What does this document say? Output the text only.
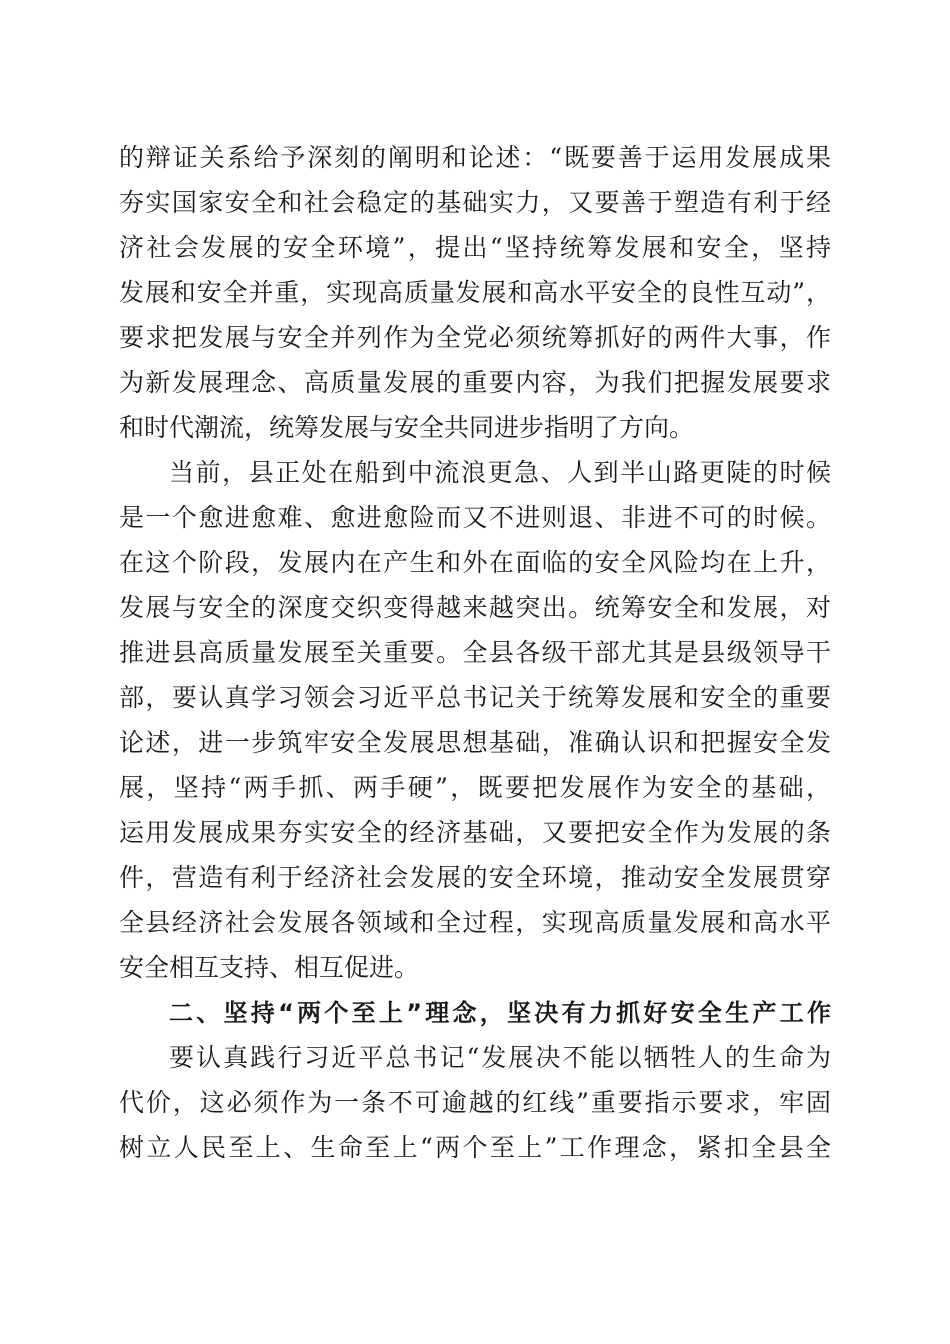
的辩证关系给予深刻的阐明和论述：“既要善于运用发展成果
夯实国家安全和社会稳定的基础实力，又要善于塑造有利于经
济社会发展的安全环境”，提出“坚持统筹发展和安全，坚持
发展和安全并重，实现高质量发展和高水平安全的良性互动”，
要求把发展与安全并列作为全党必须统筹抓好的两件大事，作
为新发展理念、高质量发展的重要内容，为我们把握发展要求
和时代潮流，统筹发展与安全共同进步指明了方向。
当前，县正处在船到中流浪更急、人到半山路更陡的时候
是一个愈进愈难、愈进愈险而又不进则退、非进不可的时候。
在这个阶段，发展内在产生和外在面临的安全风险均在上升，
发展与安全的深度交织变得越来越突出。统筹安全和发展，对
推进县高质量发展至关重要。全县各级干部尤其是县级领导干
部，要认真学习领会习近平总书记关于统筹发展和安全的重要
论述，进一步筑牢安全发展思想基础，准确认识和把握安全发
展，坚持“两手抓、两手硬”，既要把发展作为安全的基础，
运用发展成果夯实安全的经济基础，又要把安全作为发展的条
件，营造有利于经济社会发展的安全环境，推动安全发展贯穿
全县经济社会发展各领域和全过程，实现高质量发展和高水平
安全相互支持、相互促进。
二、坚持“两个至上”理念，坚决有力抓好安全生产工作
要认真践行习近平总书记“发展决不能以牺牲人的生命为
代价，这必须作为一条不可逾越的红线”重要指示要求，牢固
树立人民至上、生命至上“两个至上”工作理念，紧扣全县全
